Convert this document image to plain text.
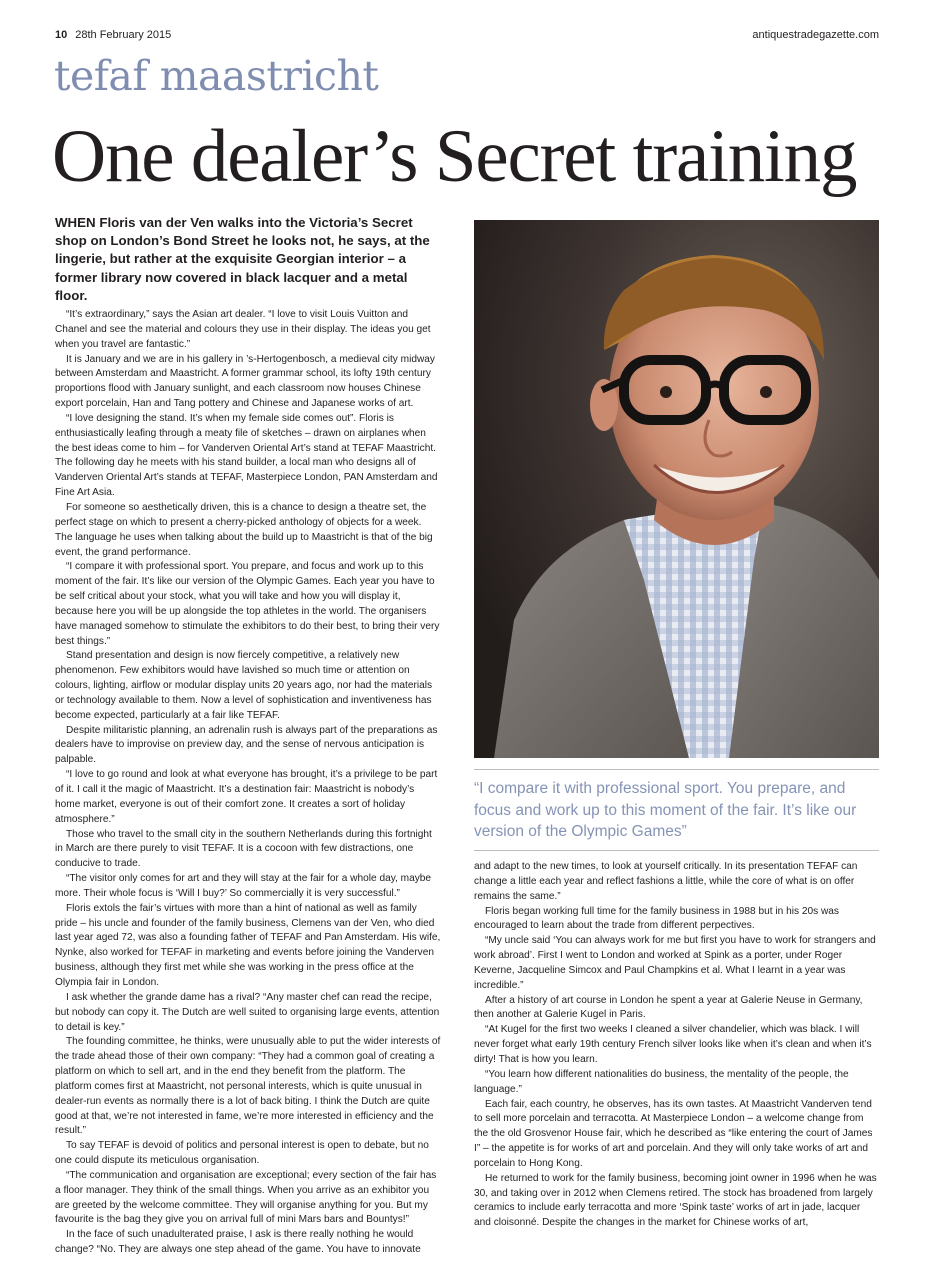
10 28th February 2015	antiquestradegazette.com
tefaf maastricht
One dealer’s Secret training

WHEN Floris van der Ven walks into the Victoria’s Secret shop on London’s Bond Street he looks not, he says, at the lingerie, but rather at the exquisite Georgian interior – a former library now covered in black lacquer and a metal floor.

“It’s extraordinary,” says the Asian art dealer. “I love to visit Louis Vuitton and Chanel and see the material and colours they use in their display. The ideas you get when you travel are fantastic.”

It is January and we are in his gallery in ’s-Hertogenbosch, a medieval city midway between Amsterdam and Maastricht. A former grammar school, its lofty 19th century proportions flood with January sunlight, and each classroom now houses Chinese export porcelain, Han and Tang pottery and Chinese and Japanese works of art.

“I love designing the stand. It’s when my female side comes out”. Floris is enthusiastically leafing through a meaty file of sketches – drawn on airplanes when the best ideas come to him – for Vanderven Oriental Art’s stand at TEFAF Maastricht. The following day he meets with his stand builder, a local man who designs all of Vanderven Oriental Art’s stands at TEFAF, Masterpiece London, PAN Amsterdam and Fine Art Asia.

For someone so aesthetically driven, this is a chance to design a theatre set, the perfect stage on which to present a cherry-picked anthology of objects for a week. The language he uses when talking about the build up to Maastricht is that of the big event, the grand performance.

“I compare it with professional sport. You prepare, and focus and work up to this moment of the fair. It’s like our version of the Olympic Games. Each year you have to be self critical about your stock, what you will take and how you will display it, because here you will be up alongside the top athletes in the world. The organisers have managed somehow to stimulate the exhibitors to do their best, to bring their very best things.”

Stand presentation and design is now fiercely competitive, a relatively new phenomenon. Few exhibitors would have lavished so much time or attention on colours, lighting, airflow or modular display units 20 years ago, nor had the materials or technology available to them. Now a level of sophistication and inventiveness has become expected, particularly at a fair like TEFAF.

Despite militaristic planning, an adrenalin rush is always part of the preparations as dealers have to improvise on preview day, and the sense of nervous anticipation is palpable.

“I love to go round and look at what everyone has brought, it’s a privilege to be part of it. I call it the magic of Maastricht. It’s a destination fair: Maastricht is nobody’s home market, everyone is out of their comfort zone. It creates a sort of holiday atmosphere.”

Those who travel to the small city in the southern Netherlands during this fortnight in March are there purely to visit TEFAF. It is a cocoon with few distractions, one conducive to trade.

“The visitor only comes for art and they will stay at the fair for a whole day, maybe more. Their whole focus is ‘Will I buy?’ So commercially it is very successful.”

Floris extols the fair’s virtues with more than a hint of national as well as family pride – his uncle and founder of the family business, Clemens van der Ven, who died last year aged 72, was also a founding father of TEFAF and Pan Amsterdam. His wife, Nynke, also worked for TEFAF in marketing and events before joining the Vanderven business, although they first met while she was working in the press office at the Olympia fair in London.

I ask whether the grande dame has a rival? “Any master chef can read the recipe, but nobody can copy it. The Dutch are well suited to organising large events, attention to detail is key.”

The founding committee, he thinks, were unusually able to put the wider interests of the trade ahead those of their own company: “They had a common goal of creating a platform on which to sell art, and in the end they benefit from the platform. The platform comes first at Maastricht, not personal interests, which is quite unusual in dealer-run events as normally there is a lot of back biting. I think the Dutch are quite good at that, we’re not interested in fame, we’re more interested in efficiency and the result.”

To say TEFAF is devoid of politics and personal interest is open to debate, but no one could dispute its meticulous organisation.

“The communication and organisation are exceptional; every section of the fair has a floor manager. They think of the small things. When you arrive as an exhibitor you are greeted by the welcome committee. They will organise anything for you. But my favourite is the bag they give you on arrival full of mini Mars bars and Bountys!”

In the face of such unadulterated praise, I ask is there really nothing he would change? “No. They are always one step ahead of the game. You have to innovate

“I compare it with professional sport. You prepare, and focus and work up to this moment of the fair. It’s like our version of the Olympic Games”

and adapt to the new times, to look at yourself critically. In its presentation TEFAF can change a little each year and reflect fashions a little, while the core of what is on offer remains the same.”

Floris began working full time for the family business in 1988 but in his 20s was encouraged to learn about the trade from different perpectives.

“My uncle said ‘You can always work for me but first you have to work for strangers and work abroad’. First I went to London and worked at Spink as a porter, under Roger Keverne, Jacqueline Simcox and Paul Champkins et al. What I learnt in a year was incredible.”

After a history of art course in London he spent a year at Galerie Neuse in Germany, then another at Galerie Kugel in Paris.

“At Kugel for the first two weeks I cleaned a silver chandelier, which was black. I will never forget what early 19th century French silver looks like when it’s clean and when it’s dirty! That is how you learn.

“You learn how different nationalities do business, the mentality of the people, the language.”

Each fair, each country, he observes, has its own tastes. At Maastricht Vanderven tend to sell more porcelain and terracotta. At Masterpiece London – a welcome change from the the old Grosvenor House fair, which he described as “like entering the court of James I” – the appetite is for works of art and porcelain. And they will only take works of art and porcelain to Hong Kong.

He returned to work for the family business, becoming joint owner in 1996 when he was 30, and taking over in 2012 when Clemens retired. The stock has broadened from largely ceramics to include early terracotta and more ‘Spink taste’ works of art in jade, lacquer and cloisonné. Despite the changes in the market for Chinese works of art,
